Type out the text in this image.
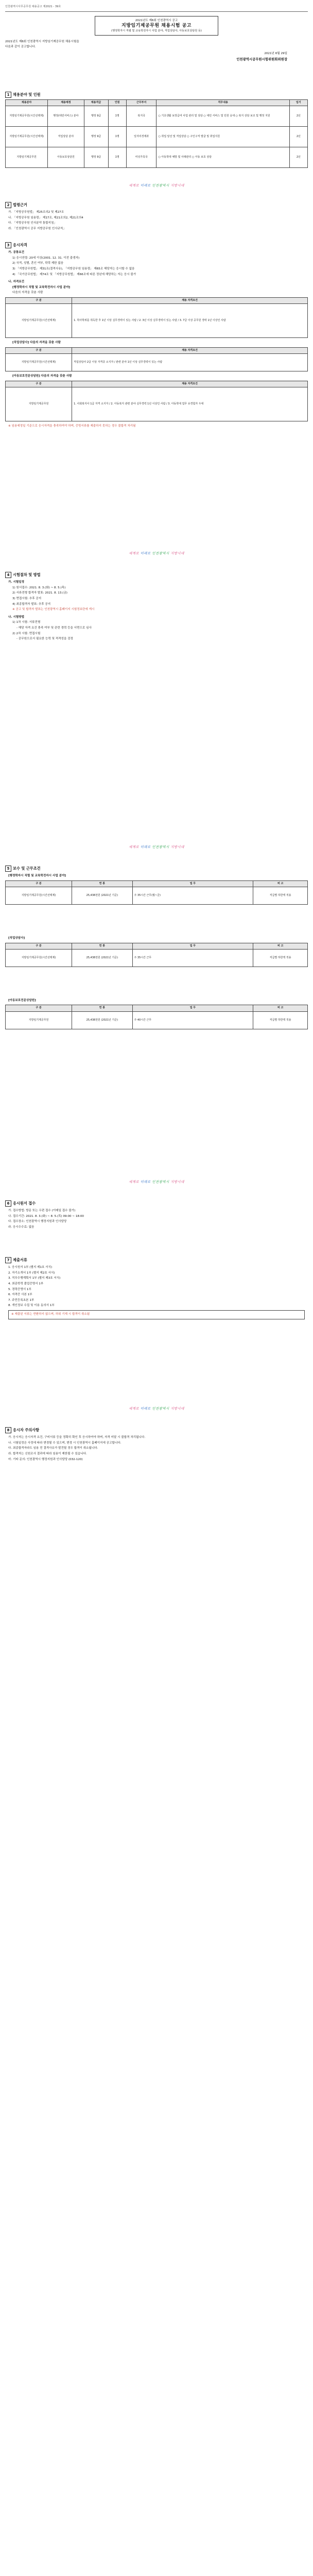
인천광역시사무공무원 채용공고 제2021 - 39호
2021년도 제6회 인천광역시 공고
지방임기제공무원 채용시험 공고
(행정학자시 직렬 및 교육학전자시 사업 분야, 직업상담사, 아동보호상담원 등)
2021년도 제6회 인천광역시 지방임기제공무원 채용시험을
다음과 같이 공고합니다.
2021년 6월 29일
인천광역시공무원시험위원회위원장
1 채용분야 및 인원
채용분야	채용예정	채용직급	인원	근무부서	직무내용	임기
지방임기제공무원(시간선택제)	행정(대민서비스) 분야	행정 9급	1명	복지국	○ 기초생활 보장급여 사업 관리 및 상담 ○ 대민 서비스 및 민원 응대 ○ 복지 상담 보조 및 행정 지원	2년
지방임기제공무원(시간선택제)	직업상담 분야	행정 9급	1명	일자리경제과	○ 취업 알선 및 직업상담 ○ 구인구직 발굴 및 취업지원	2년
지방임기제공무원	아동보호상담원	행정 9급	1명	여성가족국	○ 아동학대 예방 및 사례관리 ○ 아동 보호 상담	2년
세계로 미래로 인천광역시 지방시대
2 법령근거
가. 「지방공무원법」 제25조의2 및 제27조
나. 「지방공무원 임용령」 제17조, 제21조의2, 제21조의4
다. 「지방공무원 인사분야 통합지침」
라. 「인천광역시 공무 지방공무원 인사규칙」
3 응시자격
가. 공통요건
1) 응시연령: 20세 이상(2001. 12. 31. 이전 출생자)
2) 국적, 성별, 혼인 여부, 학력 제한 없음
3) 「지방공무원법」 제31조(결격사유), 「지방공무원 임용령」 제65조 해당자는 응시할 수 없음
4) 「국가공무원법」 제74조 및 「지방공무원법」 제66조에 따른 정년에 해당하는 자는 응시 불가
나. 자격요건
[행정학자시 직렬 및 교육학전자시 사업 분야]
다음의 자격을 갖춘 사람
구 분	채용 자격요건
지방임기제공무원(시간선택제)	1. 학사학위를 취득한 후 1년 이상 실무경력이 있는 사람 / 2. 3년 이상 실무경력이 있는 사람 / 3. 7급 이상 공무원 경력 1년 이상인 사람
[직업상담사] 다음의 자격을 갖춘 사람
구 분	채용 자격요건
지방임기제공무원(시간선택제)	직업상담사 2급 이상 자격증 소지자 / 관련 분야 1년 이상 실무경력이 있는 사람
[아동보호전문상담원] 다음의 자격을 갖춘 사람
구 분	채용 자격요건
지방임기제공무원	1. 사회복지사 1급 자격 소지자 / 2. 아동복지 관련 분야 실무경력 1년 이상인 사람 / 3. 아동학대 업무 유경험자 우대
※ 임용예정일 기준으로 응시자격을 충족하여야 하며, 증빙서류를 제출하지 못하는 경우 불합격 처리됨
세계로 미래로 인천광역시 지방시대
4 시험절차 및 방법
가. 시험일정
1) 원서접수: 2021. 8. 3.(화) ~ 8. 5.(목)
2) 서류전형 합격자 발표: 2021. 8. 13.(금)
3) 면접시험: 추후 공지
4) 최종합격자 발표: 추후 공지
※ 공고 및 합격자 발표는 인천광역시 홈페이지 시험정보란에 게시
나. 시험방법
1) 1차 시험: 서류전형
- 해당 자격 요건 충족 여부 및 관련 경력 등을 서면으로 심사
2) 2차 시험: 면접시험
- 공무원으로서 필요한 능력 및 적격성을 검정
세계로 미래로 인천광역시 지방시대
5 보수 및 근무조건
[행정학자시 직렬 및 교육학전자시 사업 분야]
구 분	연 봉	업 무	비 고
지방임기제공무원(시간선택제)	25,438천원 (2021년 기준)	주 35시간 근무(월~금)	직급별 하한액 적용
[직업상담사]
구 분	연 봉	업 무	비 고
지방임기제공무원(시간선택제)	25,438천원 (2021년 기준)	주 35시간 근무	직급별 하한액 적용
[아동보호전문상담원]
구 분	연 봉	업 무	비 고
지방임기제공무원	25,438천원 (2021년 기준)	주 40시간 근무	직급별 하한액 적용
세계로 미래로 인천광역시 지방시대
6 응시원서 접수
가. 접수방법: 방문 또는 우편 접수 (이메일 접수 불가)
나. 접수기간: 2021. 8. 3.(화) ~ 8. 5.(목) 09:00 ~ 18:00
다. 접수장소: 인천광역시 행정지원과 인사담당
라. 응시수수료: 없음
7 제출서류
1. 응시원서 1부 (별지 제1호 서식)
2. 자기소개서 1부 (별지 제2호 서식)
3. 직무수행계획서 1부 (별지 제3호 서식)
4. 최종학력 졸업증명서 1부
5. 경력증명서 1부
6. 자격증 사본 1부
7. 주민등록초본 1부
8. 개인정보 수집 및 이용 동의서 1부
※ 제출된 서류는 반환하지 않으며, 허위 기재 시 합격이 취소됨
세계로 미래로 인천광역시 지방시대
8 응시자 주의사항
가. 응시자는 응시자격 요건, 구비서류 등을 정확히 확인 후 응시하여야 하며, 자격 미달 시 불합격 처리됩니다.
나. 시험일정은 사정에 따라 변경될 수 있으며, 변경 시 인천광역시 홈페이지에 공고합니다.
다. 최종합격자라도 임용 전 결격사유가 발견될 경우 합격이 취소됩니다.
라. 합격자는 신원조사 결과에 따라 임용이 제한될 수 있습니다.
마. 기타 문의: 인천광역시 행정지원과 인사담당 (032-120)
